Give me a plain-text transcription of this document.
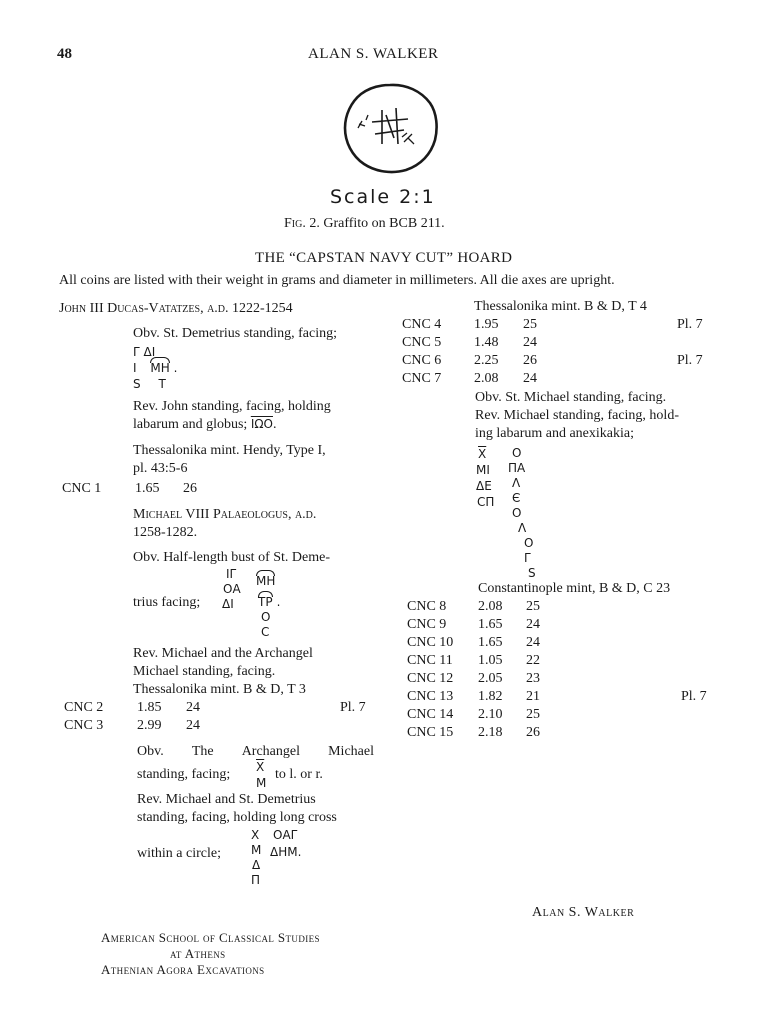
48	ALAN S. WALKER
Scale 2:1
Fig. 2. Graffito on BCB 211.
THE “CAPSTAN NAVY CUT” HOARD
All coins are listed with their weight in grams and diameter in millimeters. All die axes are upright.
John III Ducas-Vatatzes, a.d. 1222-1254
Obv. St. Demetrius standing, facing;
Γ ΔΙ
Ι ΜΗ .
S Τ
Rev. John standing, facing, holding
labarum and globus; $\overline{I\Omega O}$.
Thessalonika mint. Hendy, Type I,
pl. 43:5-6
CNC 1 1.65 26
Michael VIII Palaeologus, a.d.
1258-1282.
Obv. Half-length bust of St. Deme-
trius facing;
ΙΓ
ΟΑ
ΔΙ
ΜΗ
ΤΡ .
Ο
C
Rev. Michael and the Archangel
Michael standing, facing.
Thessalonika mint. B & D, T 3
CNC 2 1.85 24	Pl. 7
CNC 3 2.99 24
Obv. The Archangel Michael
standing, facing; $\overline{X}$
Μ
to l. or r.
Rev. Michael and St. Demetrius
standing, facing, holding long cross
within a circle;
Χ
Μ
Δ
Π
ΟΑΓ
ΔΗΜ.
Thessalonika mint. B & D, T 4
CNC 4 1.95 25	Pl. 7
CNC 5 1.48 24
CNC 6 2.25 26	Pl. 7
CNC 7 2.08 24
Obv. St. Michael standing, facing.
Rev. Michael standing, facing, hold-
ing labarum and anexikakia;
$\overline{X}$
ΜΙ
ΔΕ
CΠ
Ο
ΠΑ
Λ
Є
Ο
Λ
Ο
Γ
S
Constantinople mint, B & D, C 23
CNC 8 2.08 25
CNC 9 1.65 24
CNC 10 1.65 24
CNC 11 1.05 22
CNC 12 2.05 23
CNC 13 1.82 21	Pl. 7
CNC 14 2.10 25
CNC 15 2.18 26
Alan S. Walker
American School of Classical Studies
at Athens
Athenian Agora Excavations
